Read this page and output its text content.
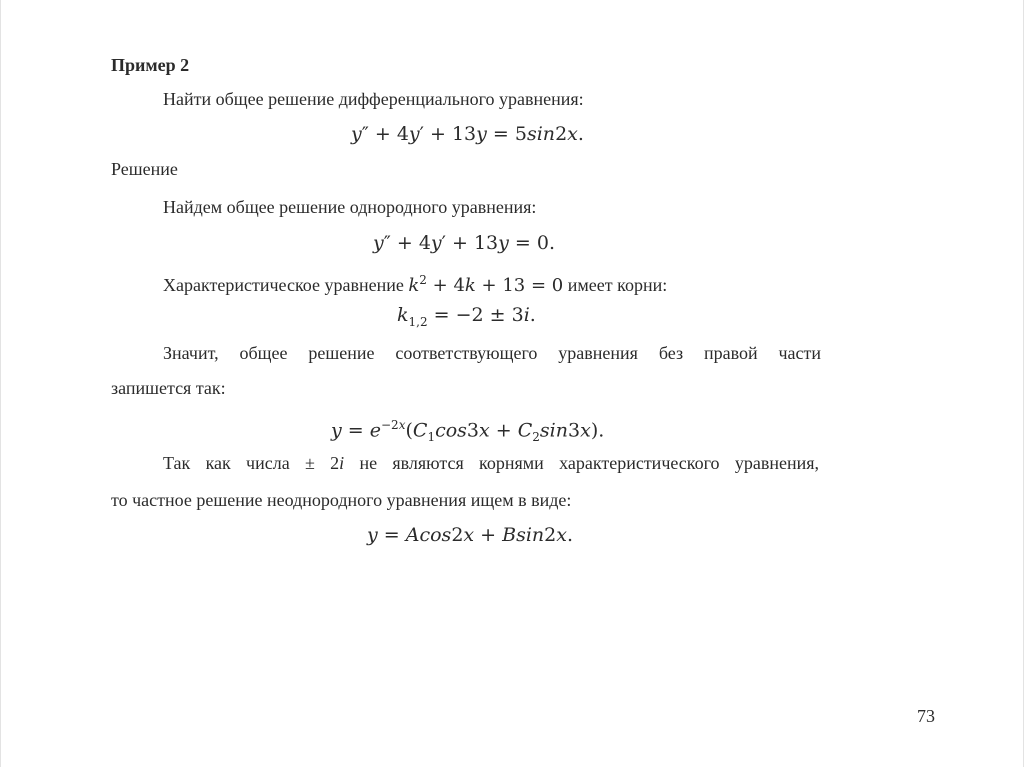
Пример 2
Найти общее решение дифференциального уравнения:
y″ + 4y′ + 13y = 5sin2x.
Решение
Найдем общее решение однородного уравнения:
y″ + 4y′ + 13y = 0.
Характеристическое уравнение $k^2 + 4k + 13 = 0$ имеет корни:
$k_{1,2} = -2 \pm 3i$.
Значит, общее решение соответствующего уравнения без правой части
запишется так:
$y = e^{-2x}(C_1\cos 3x + C_2\sin 3x)$.
Так как числа ± 2i не являются корнями характеристического уравнения,
то частное решение неоднородного уравнения ищем в виде:
y = Acos2x + Bsin2x.
73
